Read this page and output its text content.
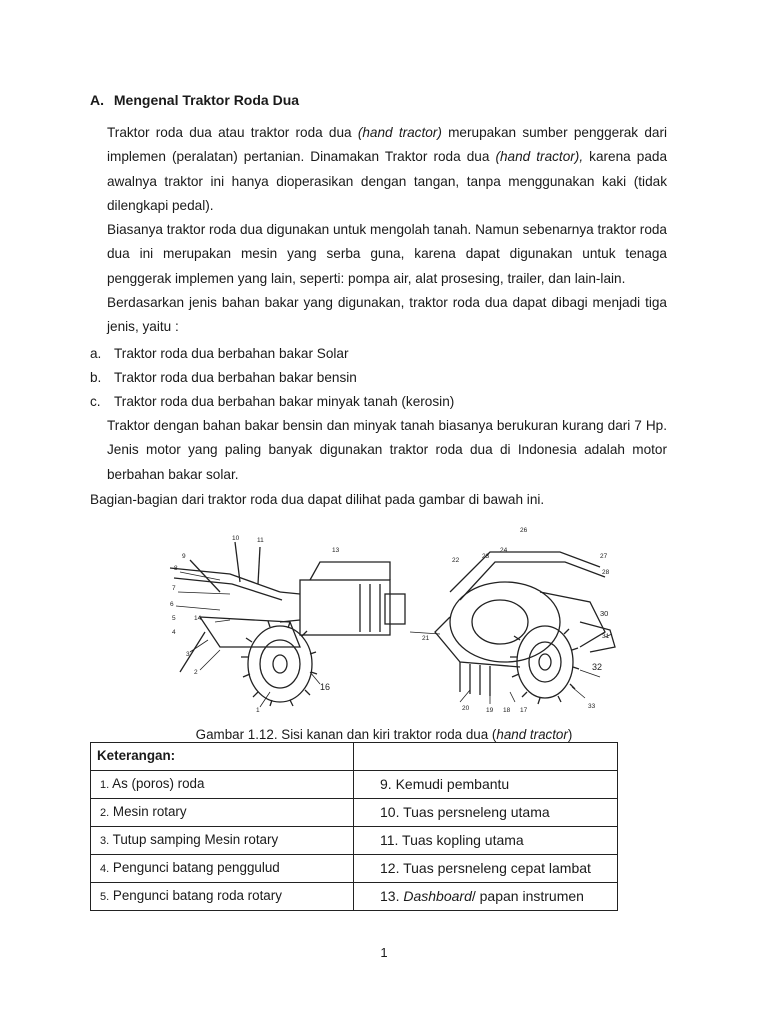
A. Mengenal Traktor Roda Dua
Traktor roda dua atau traktor roda dua (hand tractor) merupakan sumber penggerak dari implemen (peralatan) pertanian. Dinamakan Traktor roda dua (hand tractor), karena pada awalnya traktor ini hanya dioperasikan dengan tangan, tanpa menggunakan kaki (tidak dilengkapi pedal).
Biasanya traktor roda dua digunakan untuk mengolah tanah. Namun sebenarnya traktor roda dua ini merupakan mesin yang serba guna, karena dapat digunakan untuk tenaga penggerak implemen yang lain, seperti: pompa air, alat prosesing, trailer, dan lain-lain.
Berdasarkan jenis bahan bakar yang digunakan, traktor roda dua dapat dibagi menjadi tiga jenis, yaitu :
a. Traktor roda dua berbahan bakar Solar
b. Traktor roda dua berbahan bakar bensin
c. Traktor roda dua berbahan bakar minyak tanah (kerosin)
Traktor dengan bahan bakar bensin dan minyak tanah biasanya berukuran kurang dari 7 Hp. Jenis motor yang paling banyak digunakan traktor roda dua di Indonesia adalah motor berbahan bakar solar.
Bagian-bagian dari traktor roda dua dapat dilihat pada gambar di bawah ini.
10	11
13
9
8
7
6
14
5
4
3
2
1
16
26
24
23
22
27
28
30
31
32
21
20	19 18 17
33
Gambar 1.12. Sisi kanan dan kiri traktor roda dua (hand tractor)
Keterangan:	
1. As (poros) roda	9. Kemudi pembantu
2. Mesin rotary	10. Tuas persneleng utama
3. Tutup samping Mesin rotary	11. Tuas kopling utama
4. Pengunci batang penggulud	12. Tuas persneleng cepat lambat
5. Pengunci batang roda rotary	13. Dashboard/ papan instrumen
1
